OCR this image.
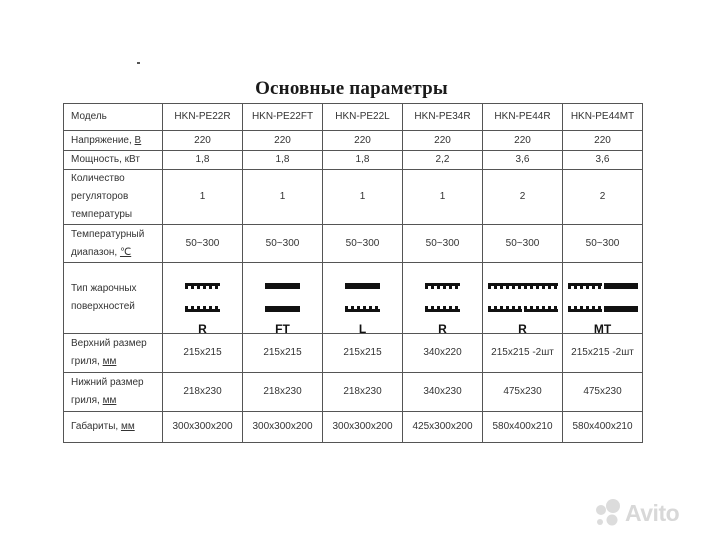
Основные параметры
Модель	HKN-PE22R	HKN-PE22FT	HKN-PE22L	HKN-PE34R	HKN-PE44R	HKN-PE44MT
Напряжение, В	220	220	220	220	220	220
Мощность, кВт	1,8	1,8	1,8	2,2	3,6	3,6
Количество регуляторов температуры	1	1	1	1	2	2
Температурный диапазон, ℃	50~300	50~300	50~300	50~300	50~300	50~300
Тип жарочных поверхностей	R	FT	L	R	R	MT

Верхний размер гриля, мм	215x215	215x215	215x215	340x220	215x215 -2шт	215x215 -2шт
Нижний размер гриля, мм	218x230	218x230	218x230	340x230	475x230	475x230
Габариты, мм	300x300x200	300x300x200	300x300x200	425x300x200	580x400x210	580x400x210
Avito
